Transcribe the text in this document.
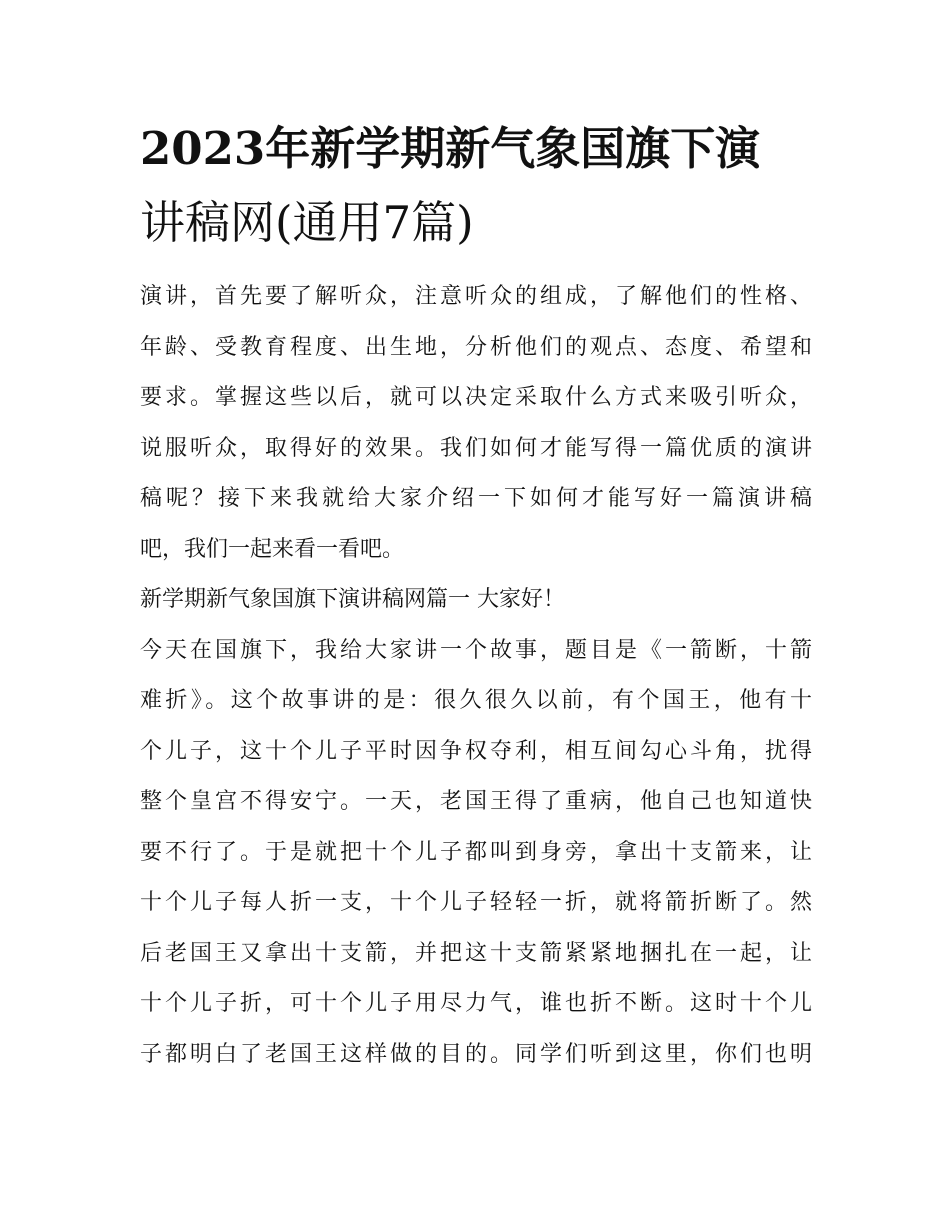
2023年新学期新气象国旗下演
讲稿网(通用7篇)
演讲，首先要了解听众，注意听众的组成，了解他们的性格、
年龄、受教育程度、出生地，分析他们的观点、态度、希望和
要求。掌握这些以后，就可以决定采取什么方式来吸引听众，
说服听众，取得好的效果。我们如何才能写得一篇优质的演讲
稿呢？接下来我就给大家介绍一下如何才能写好一篇演讲稿
吧，我们一起来看一看吧。
新学期新气象国旗下演讲稿网篇一 大家好！
今天在国旗下，我给大家讲一个故事，题目是《一箭断，十箭
难折》。这个故事讲的是：很久很久以前，有个国王，他有十
个儿子，这十个儿子平时因争权夺利，相互间勾心斗角，扰得
整个皇宫不得安宁。一天，老国王得了重病，他自己也知道快
要不行了。于是就把十个儿子都叫到身旁，拿出十支箭来，让
十个儿子每人折一支，十个儿子轻轻一折，就将箭折断了。然
后老国王又拿出十支箭，并把这十支箭紧紧地捆扎在一起，让
十个儿子折，可十个儿子用尽力气，谁也折不断。这时十个儿
子都明白了老国王这样做的目的。同学们听到这里，你们也明
